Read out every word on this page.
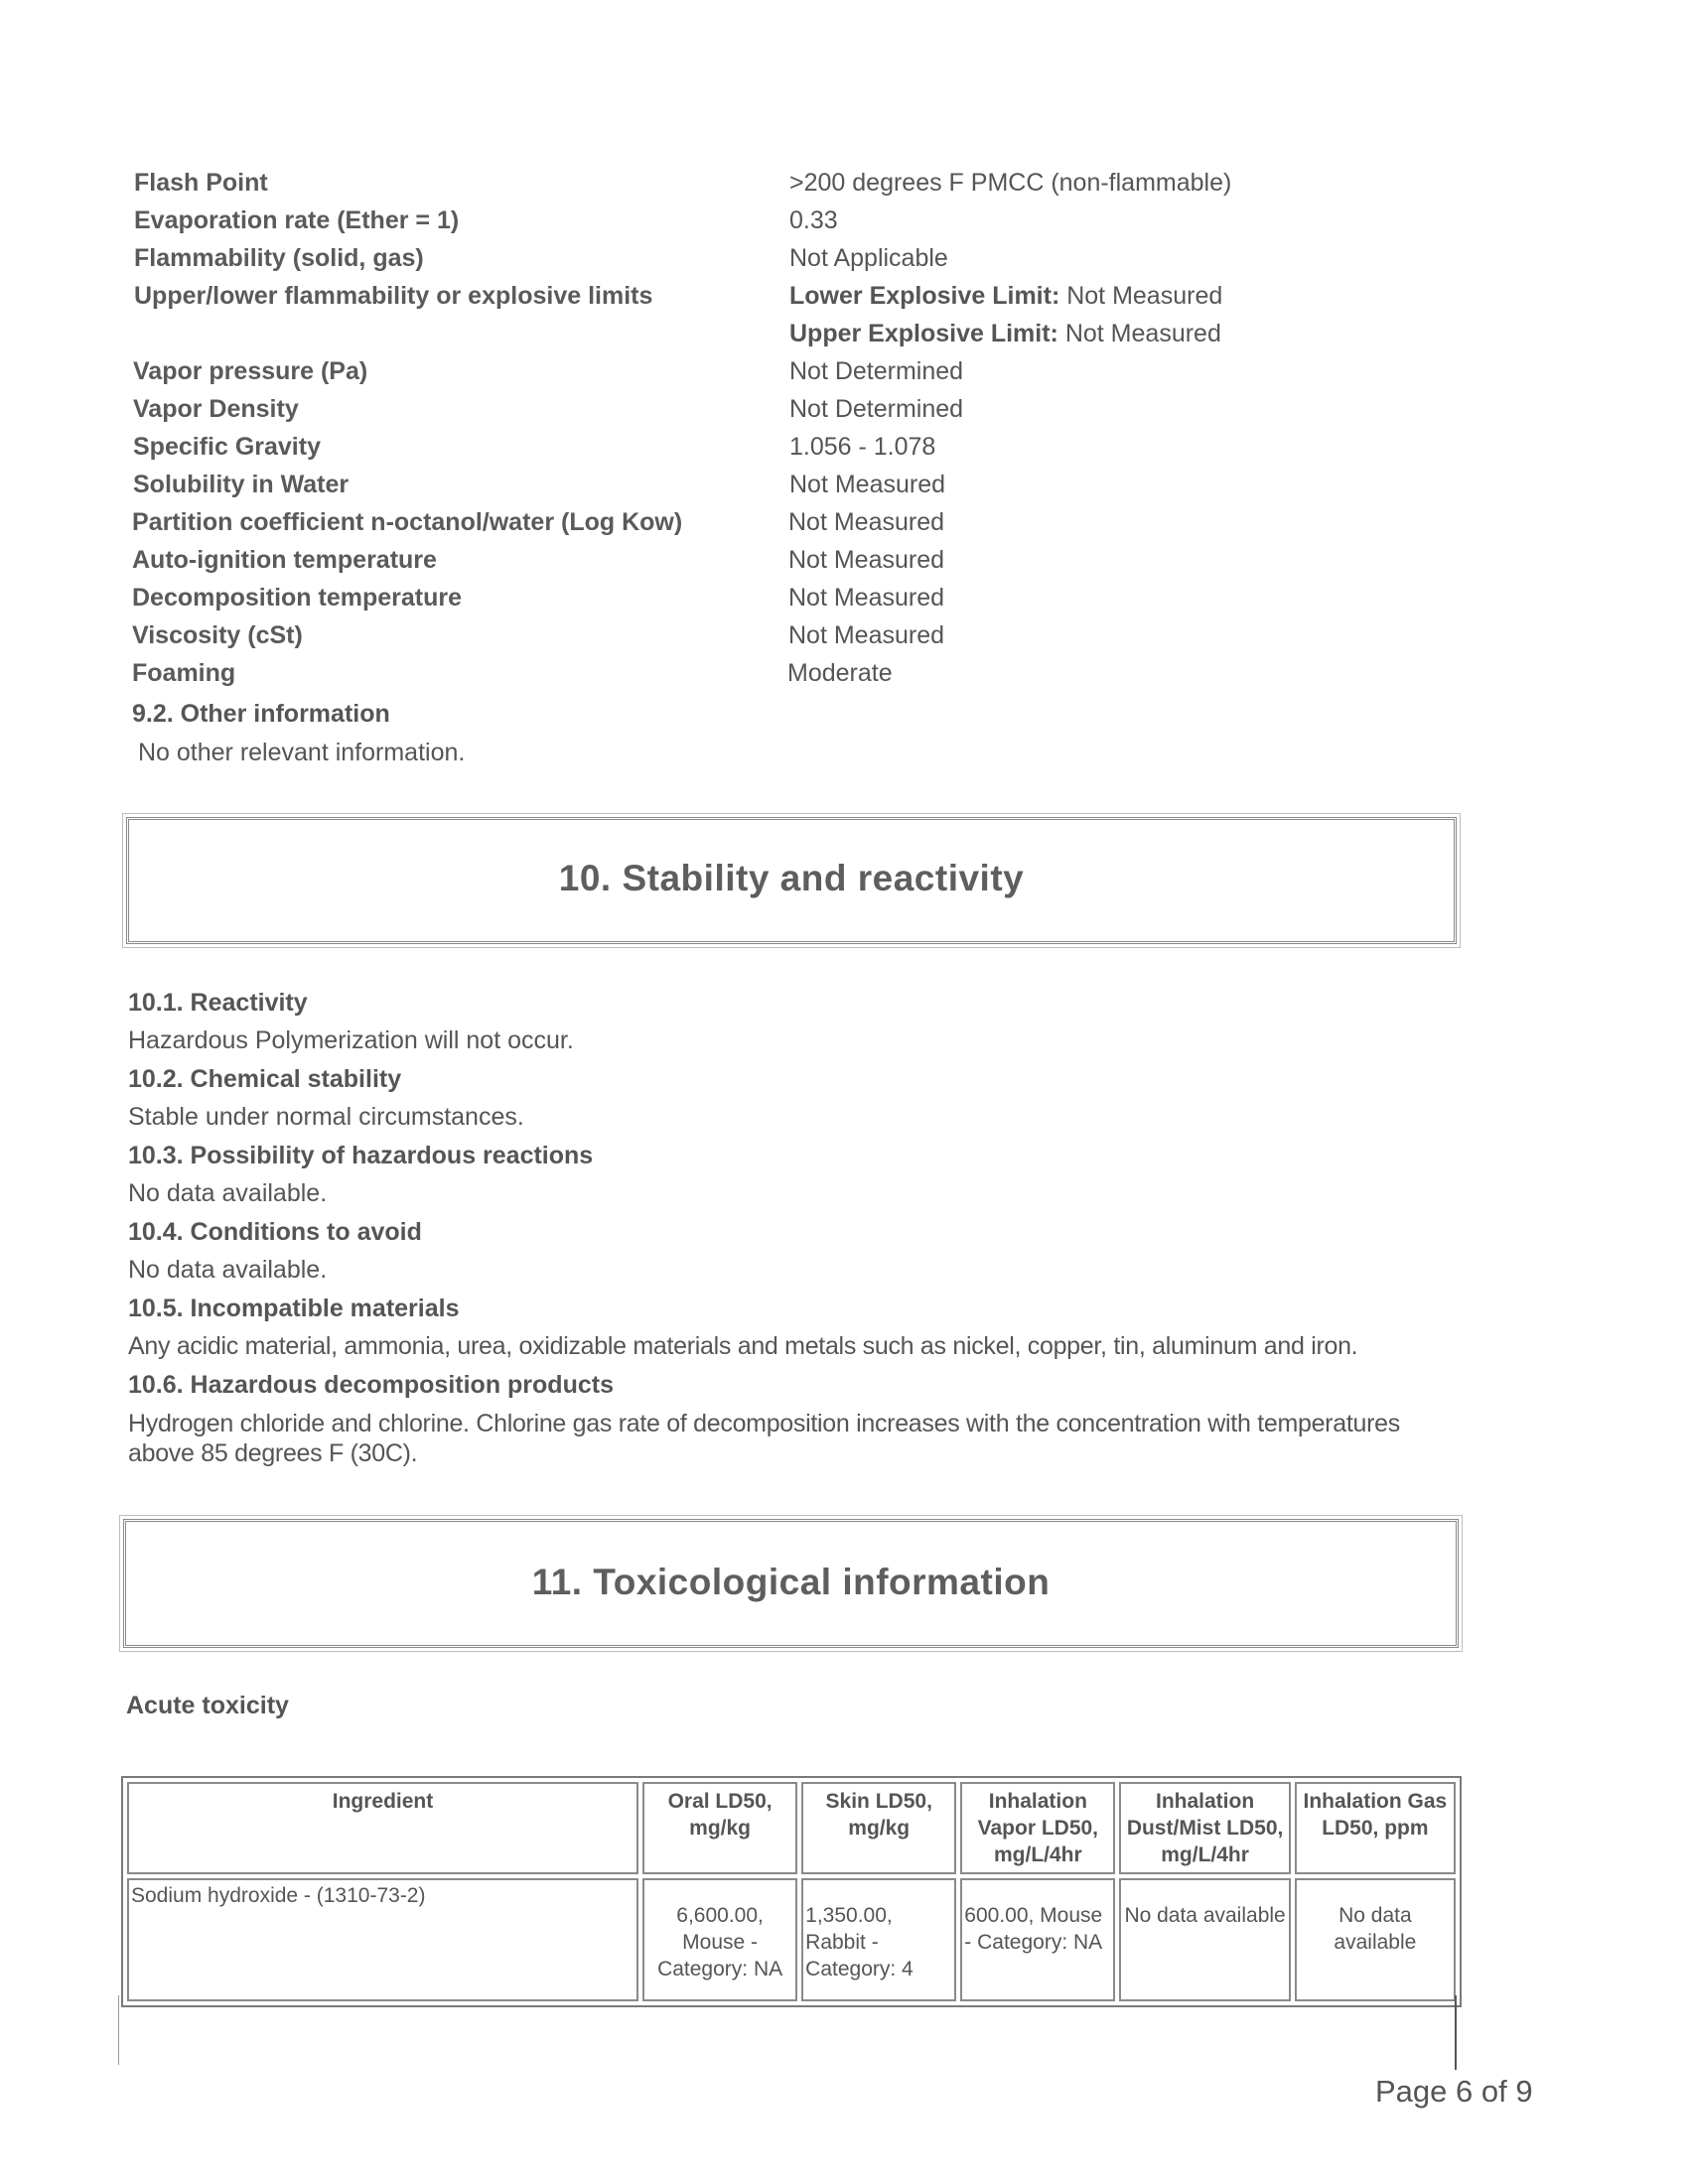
Flash Point	>200 degrees F PMCC (non-flammable)
Evaporation rate (Ether = 1)	0.33
Flammability (solid, gas)	Not Applicable
Upper/lower flammability or explosive limits	Lower Explosive Limit: Not Measured
Upper Explosive Limit: Not Measured
Vapor pressure (Pa)	Not Determined
Vapor Density	Not Determined
Specific Gravity	1.056 - 1.078
Solubility in Water	Not Measured
Partition coefficient n-octanol/water (Log Kow)	Not Measured
Auto-ignition temperature	Not Measured
Decomposition temperature	Not Measured
Viscosity (cSt)	Not Measured
Foaming	Moderate
9.2. Other information
No other relevant information.
10. Stability and reactivity
10.1. Reactivity
Hazardous Polymerization will not occur.
10.2. Chemical stability
Stable under normal circumstances.
10.3. Possibility of hazardous reactions
No data available.
10.4. Conditions to avoid
No data available.
10.5. Incompatible materials
Any acidic material, ammonia, urea, oxidizable materials and metals such as nickel, copper, tin, aluminum and iron.
10.6. Hazardous decomposition products
Hydrogen chloride and chlorine. Chlorine gas rate of decomposition increases with the concentration with temperatures above 85 degrees F (30C).
11. Toxicological information
Acute toxicity
Ingredient	Oral LD50, mg/kg	Skin LD50, mg/kg	Inhalation Vapor LD50, mg/L/4hr	Inhalation Dust/Mist LD50, mg/L/4hr	Inhalation Gas LD50, ppm
Sodium hydroxide - (1310-73-2)	6,600.00, Mouse - Category: NA	1,350.00, Rabbit - Category: 4	600.00, Mouse - Category: NA	No data available	No data available
Page 6 of 9
